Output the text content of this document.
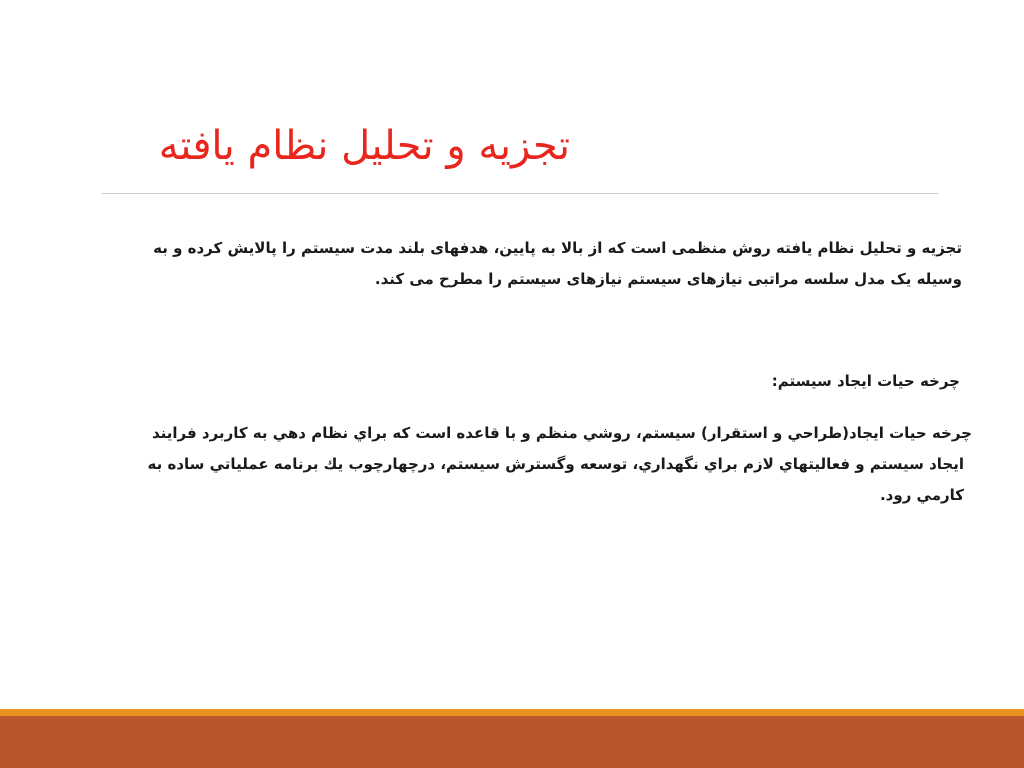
تجزیه و تحلیل نظام یافته
تجزيه و تحليل نظام يافته روش منظمی است که از بالا به پايين، هدفهای بلند مدت سيستم را پالايش کرده و به
وسيله يک مدل سلسه مراتبی نيازهای سيستم نيازهای سيستم را مطرح می کند.
چرخه حيات ايجاد سيستم:
چرخه حيات ايجاد(طراحي و استقرار) سيستم، روشي منظم و با قاعده است که براي نظام دهي به کاربرد فرايند
ايجاد سيستم و فعاليتهاي لازم براي نگهداري، توسعه وگسترش سيستم، درچهارچوب يك برنامه عملياتي ساده به
كارمي رود.
